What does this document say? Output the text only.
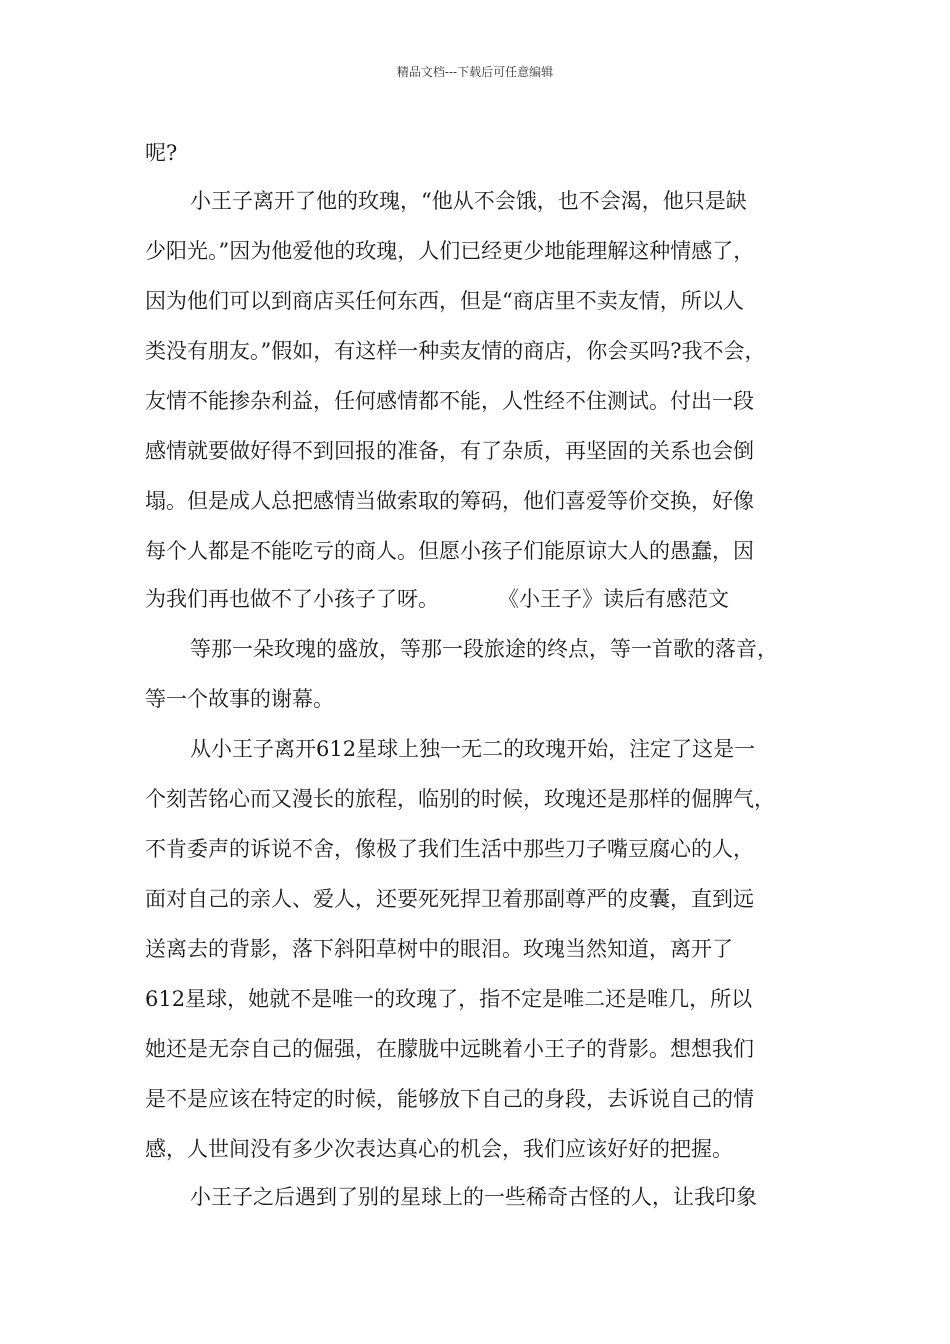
精品文档---下载后可任意编辑
呢?
小王子离开了他的玫瑰，“他从不会饿，也不会渴，他只是缺
少阳光。”因为他爱他的玫瑰，人们已经更少地能理解这种情感了，
因为他们可以到商店买任何东西，但是“商店里不卖友情，所以人
类没有朋友。”假如，有这样一种卖友情的商店，你会买吗?我不会，
友情不能掺杂利益，任何感情都不能，人性经不住测试。付出一段
感情就要做好得不到回报的准备，有了杂质，再坚固的关系也会倒
塌。但是成人总把感情当做索取的筹码，他们喜爱等价交换，好像
每个人都是不能吃亏的商人。但愿小孩子们能原谅大人的愚蠢，因
为我们再也做不了小孩子了呀。	《小王子》读后有感范文
等那一朵玫瑰的盛放，等那一段旅途的终点，等一首歌的落音，
等一个故事的谢幕。
从小王子离开612星球上独一无二的玫瑰开始，注定了这是一
个刻苦铭心而又漫长的旅程，临别的时候，玫瑰还是那样的倔脾气，
不肯委声的诉说不舍，像极了我们生活中那些刀子嘴豆腐心的人，
面对自己的亲人、爱人，还要死死捍卫着那副尊严的皮囊，直到远
送离去的背影，落下斜阳草树中的眼泪。玫瑰当然知道，离开了
612星球，她就不是唯一的玫瑰了，指不定是唯二还是唯几，所以
她还是无奈自己的倔强，在朦胧中远眺着小王子的背影。想想我们
是不是应该在特定的时候，能够放下自己的身段，去诉说自己的情
感，人世间没有多少次表达真心的机会，我们应该好好的把握。
小王子之后遇到了别的星球上的一些稀奇古怪的人，让我印象
